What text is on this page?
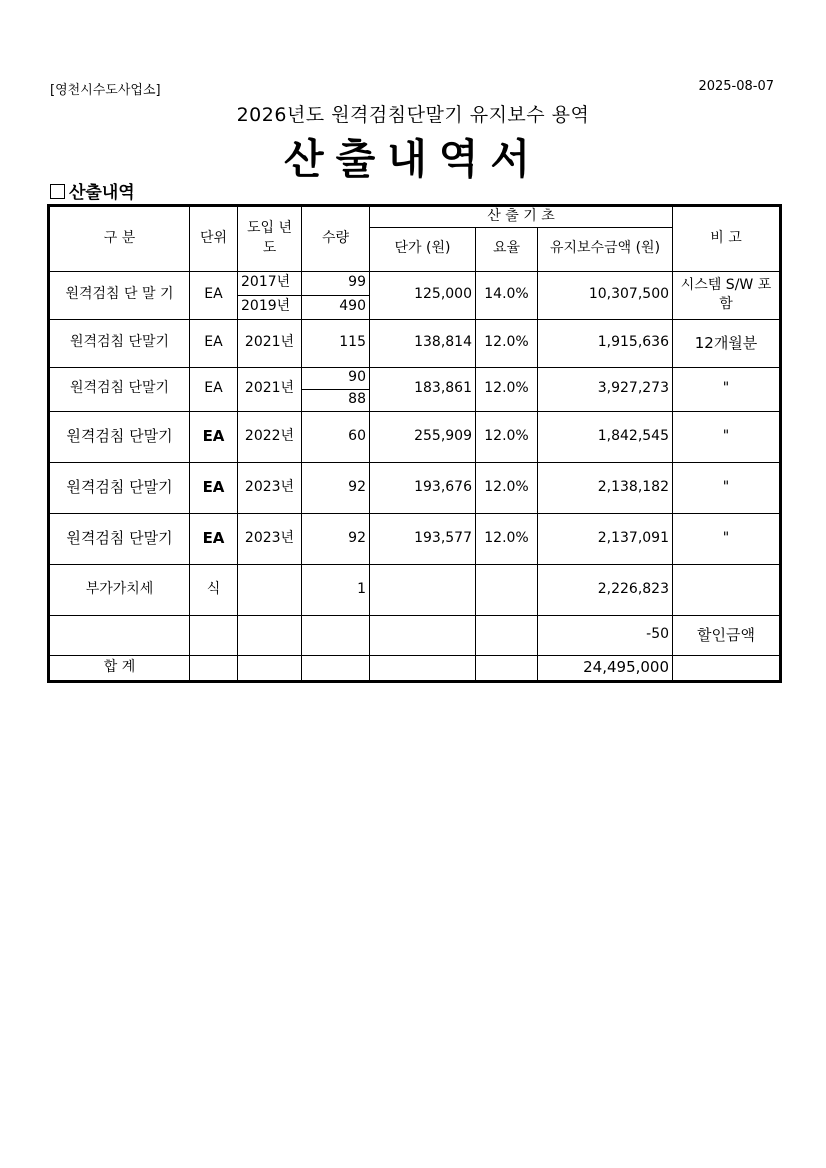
[영천시수도사업소]	2025-08-07
2026년도 원격검침단말기 유지보수 용역
산출내역서
산출내역
구 분	단위	도입 년도	수량	산 출 기 초			비 고
				단가 (원)	요율	유지보수금액 (원)	
원격검침 단 말 기	EA	2017년	99	125,000	14.0%	10,307,500	시스템 S/W 포함
		2019년	490				
원격검침 단말기	EA	2021년	115	138,814	12.0%	1,915,636	12개월분
원격검침 단말기	EA	2021년	90	183,861	12.0%	3,927,273	"
			88				
원격검침 단말기	EA	2022년	60	255,909	12.0%	1,842,545	"
원격검침 단말기	EA	2023년	92	193,676	12.0%	2,138,182	"
원격검침 단말기	EA	2023년	92	193,577	12.0%	2,137,091	"
부가가치세	식		1			2,226,823	
						-50	할인금액
합 계						24,495,000	
